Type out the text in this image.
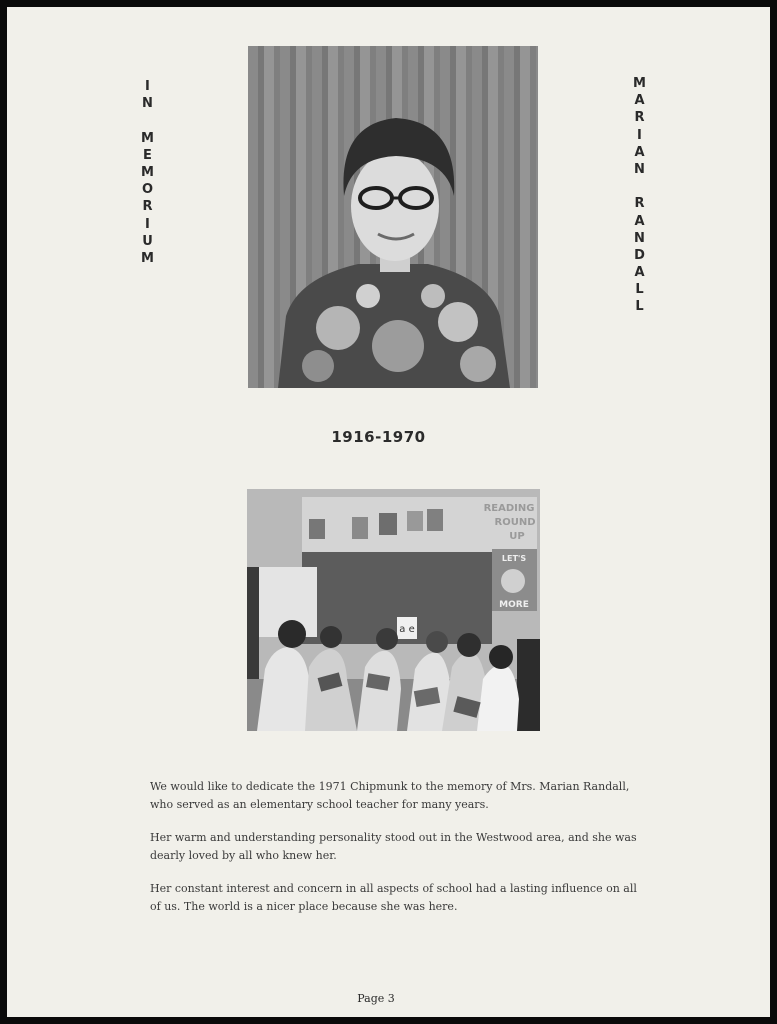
I
N
M
E
M
O
R
I
U
M
M
A
R
I
A
N
R
A
N
D
A
L
L
1916-1970
READING
ROUND
UP
LET'S
MORE
a e

We would like to dedicate the 1971 Chipmunk to the memory of Mrs. Marian Randall, who served as an elementary school teacher for many years.

Her warm and understanding personality stood out in the Westwood area, and she was dearly loved by all who knew her.

Her constant interest and concern in all aspects of school had a lasting influence on all of us. The world is a nicer place because she was here.

Page 3
